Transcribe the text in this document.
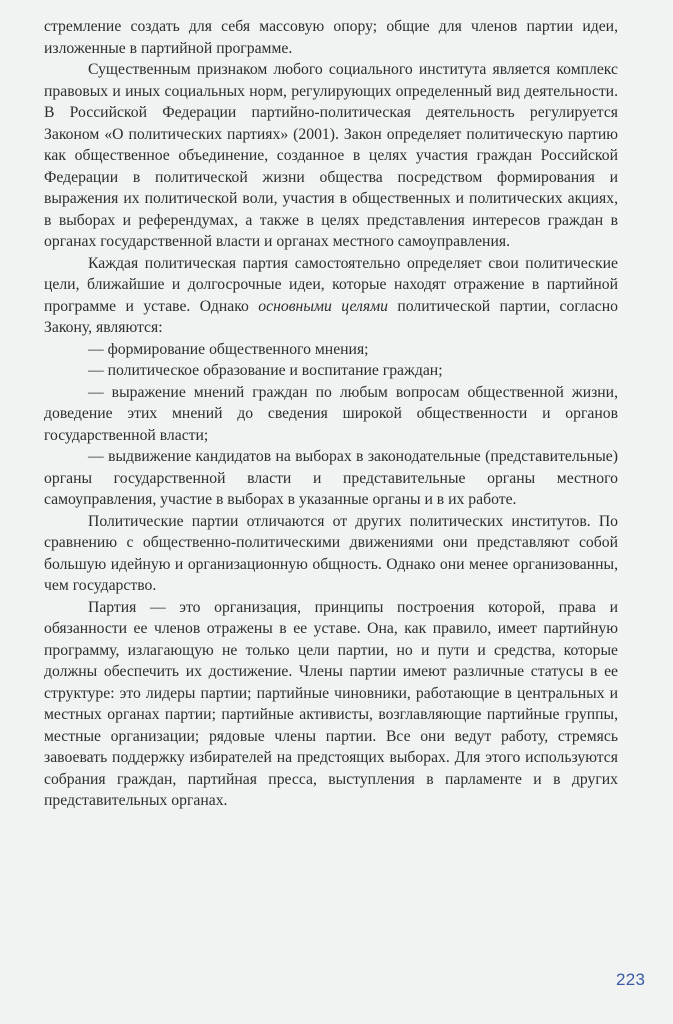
стремление создать для себя массовую опору; общие для членов партии идеи, изложенные в партийной программе.

Существенным признаком любого социального института является комплекс правовых и иных социальных норм, регулирующих определенный вид деятельности. В Российской Федерации партийно-политическая деятельность регулируется Законом «О политических партиях» (2001). Закон определяет политическую партию как общественное объединение, созданное в целях участия граждан Российской Федерации в политической жизни общества посредством формирования и выражения их политической воли, участия в общественных и политических акциях, в выборах и референдумах, а также в целях представления интересов граждан в органах государственной власти и органах местного самоуправления.

Каждая политическая партия самостоятельно определяет свои политические цели, ближайшие и долгосрочные идеи, которые находят отражение в партийной программе и уставе. Однако основными целями политической партии, согласно Закону, являются:

— формирование общественного мнения;

— политическое образование и воспитание граждан;

— выражение мнений граждан по любым вопросам общественной жизни, доведение этих мнений до сведения широкой общественности и органов государственной власти;

— выдвижение кандидатов на выборах в законодательные (представительные) органы государственной власти и представительные органы местного самоуправления, участие в выборах в указанные органы и в их работе.

Политические партии отличаются от других политических институтов. По сравнению с общественно-политическими движениями они представляют собой большую идейную и организационную общность. Однако они менее организованны, чем государство.

Партия — это организация, принципы построения которой, права и обязанности ее членов отражены в ее уставе. Она, как правило, имеет партийную программу, излагающую не только цели партии, но и пути и средства, которые должны обеспечить их достижение. Члены партии имеют различные статусы в ее структуре: это лидеры партии; партийные чиновники, работающие в центральных и местных органах партии; партийные активисты, возглавляющие партийные группы, местные организации; рядовые члены партии. Все они ведут работу, стремясь завоевать поддержку избирателей на предстоящих выборах. Для этого используются собрания граждан, партийная пресса, выступления в парламенте и в других представительных органах.

223
